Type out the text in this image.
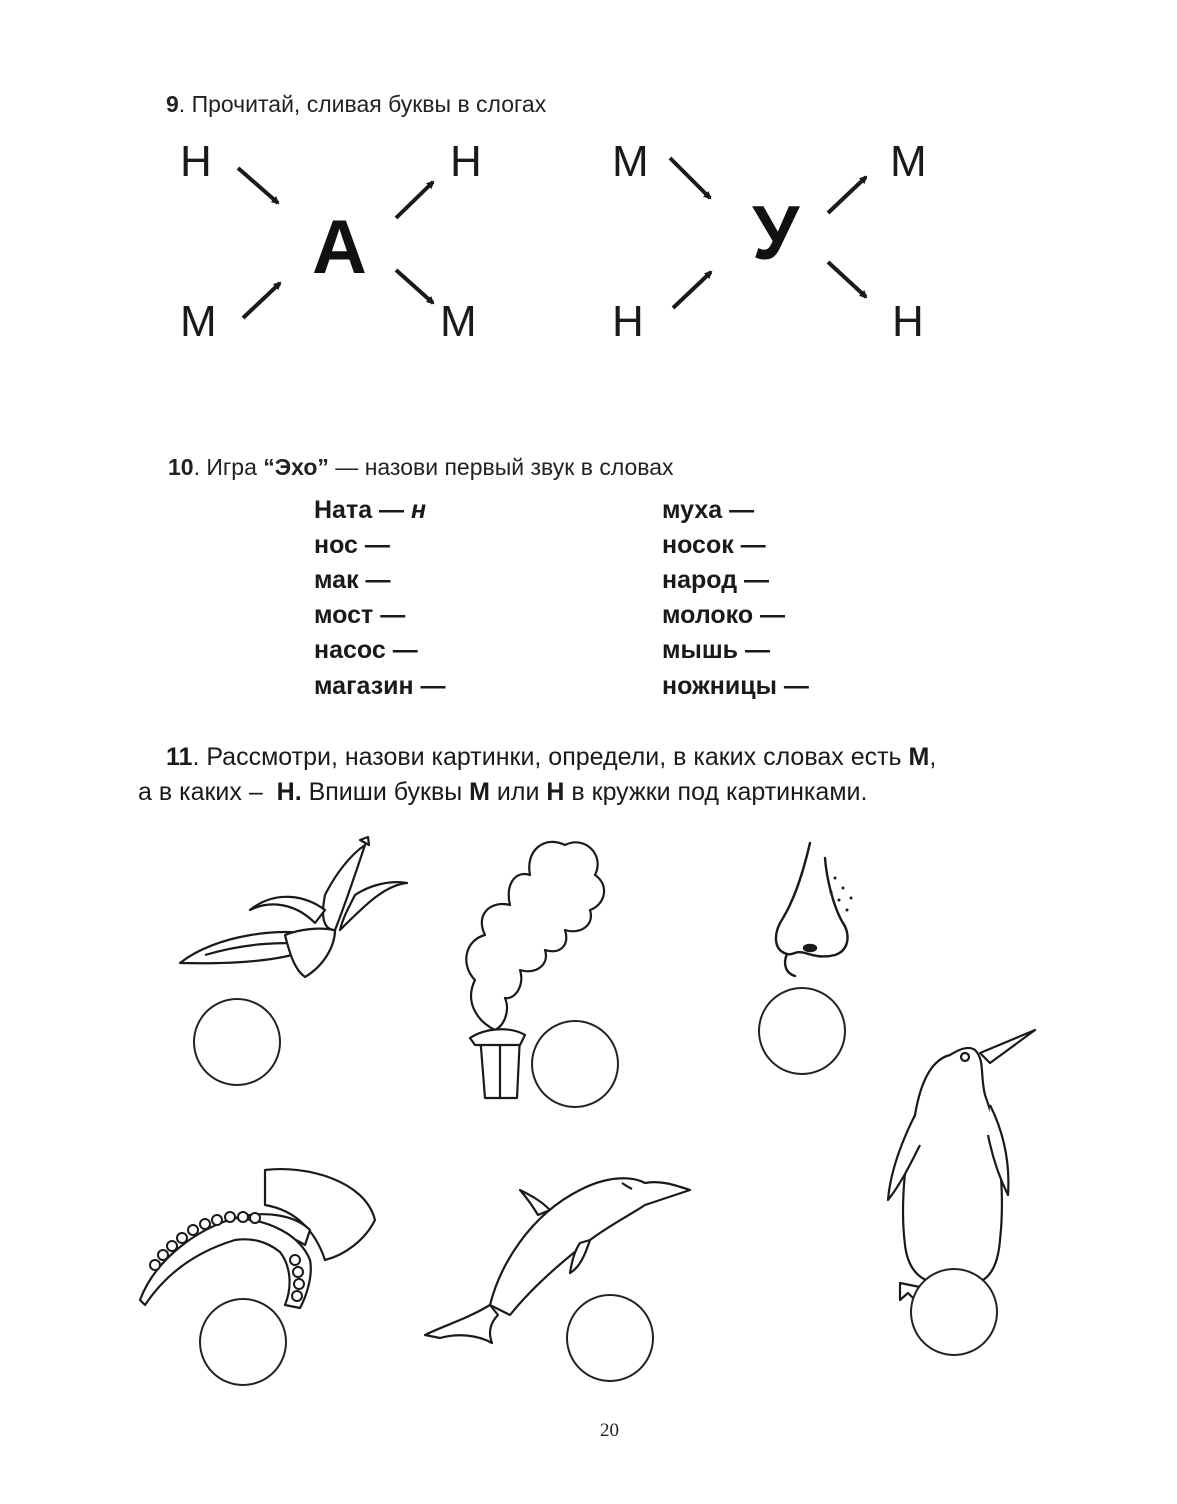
9. Прочитай, сливая буквы в слогах
Н
М
А
Н
М
М
Н
У
М
Н
10. Игра “Эхо” — назови первый звук в словах
Ната — н
нос —
мак —
мост —
насос —
магазин —
муха —
носок —
народ —
молоко —
мышь —
ножницы —
11. Рассмотри, назови картинки, определи, в каких словах есть М,
а в каких – Н. Впиши буквы М или Н в кружки под картинками.
20
